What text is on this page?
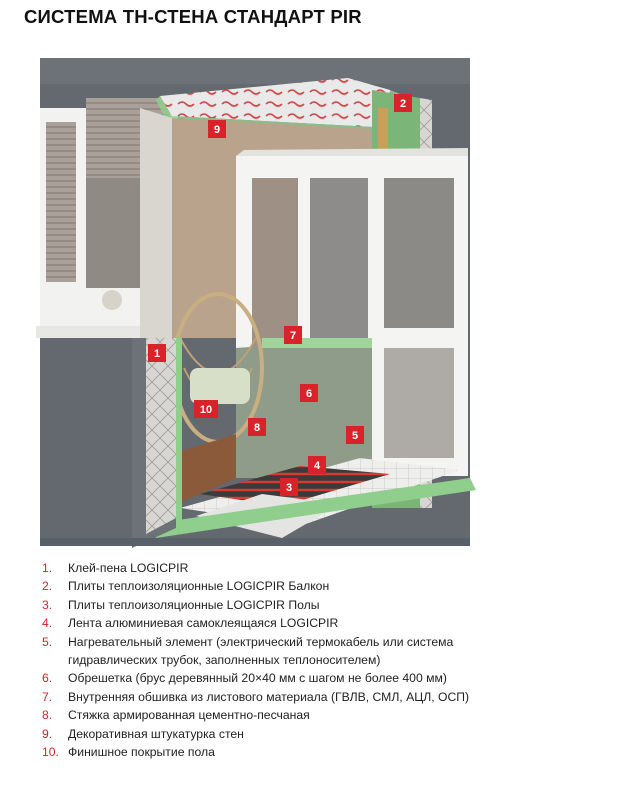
СИСТЕМА ТН-СТЕНА СТАНДАРТ PIR
1
2
3
4
5
6
7
8
9
10
1. Клей-пена LOGICPIR
2. Плиты теплоизоляционные LOGICPIR Балкон
3. Плиты теплоизоляционные LOGICPIR Полы
4. Лента алюминиевая самоклеящаяся LOGICPIR
5. Нагревательный элемент (электрический термокабель или система
гидравлических трубок, заполненных теплоносителем)
6. Обрешетка (брус деревянный 20×40 мм с шагом не более 400 мм)
7. Внутренняя обшивка из листового материала (ГВЛВ, СМЛ, АЦЛ, ОСП)
8. Стяжка армированная цементно-песчаная
9. Декоративная штукатурка стен
10. Финишное покрытие пола
